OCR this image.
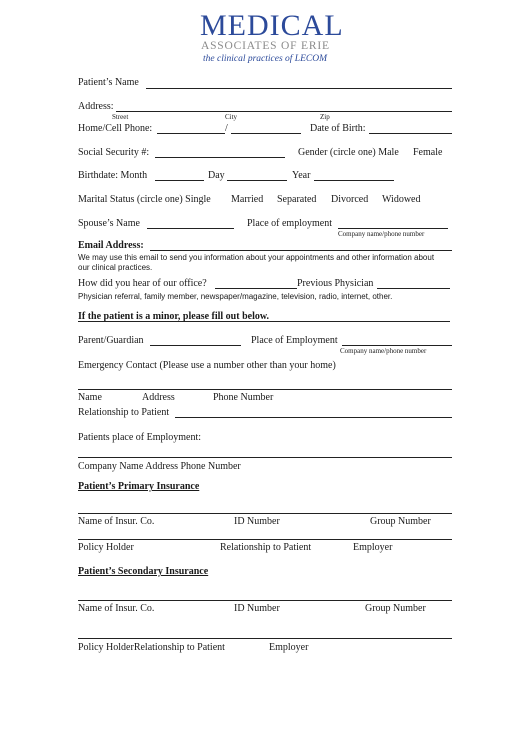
MEDICAL
ASSOCIATES OF ERIE
the clinical practices of LECOM
Patient’s Name
Address:
Street	City	Zip
Home/Cell Phone:	/	Date of Birth:
Social Security #:	Gender (circle one) Male Female
Birthdate: Month	Day	Year
Marital Status (circle one) Single Married Separated Divorced Widowed
Spouse’s Name	Place of employment
Company name/phone number
Email Address:
We may use this email to send you information about your appointments and other information about
our clinical practices.
How did you hear of our office?	Previous Physician
Physician referral, family member, newspaper/magazine, television, radio, internet, other.
If the patient is a minor, please fill out below.
Parent/Guardian	Place of Employment
Company name/phone number
Emergency Contact (Please use a number other than your home)
Name	Address	Phone Number
Relationship to Patient
Patients place of Employment:
Company Name Address Phone Number
Patient’s Primary Insurance
Name of Insur. Co.	ID Number	Group Number
Policy Holder	Relationship to Patient	Employer
Patient’s Secondary Insurance
Name of Insur. Co.	ID Number	Group Number
Policy HolderRelationship to Patient	Employer
